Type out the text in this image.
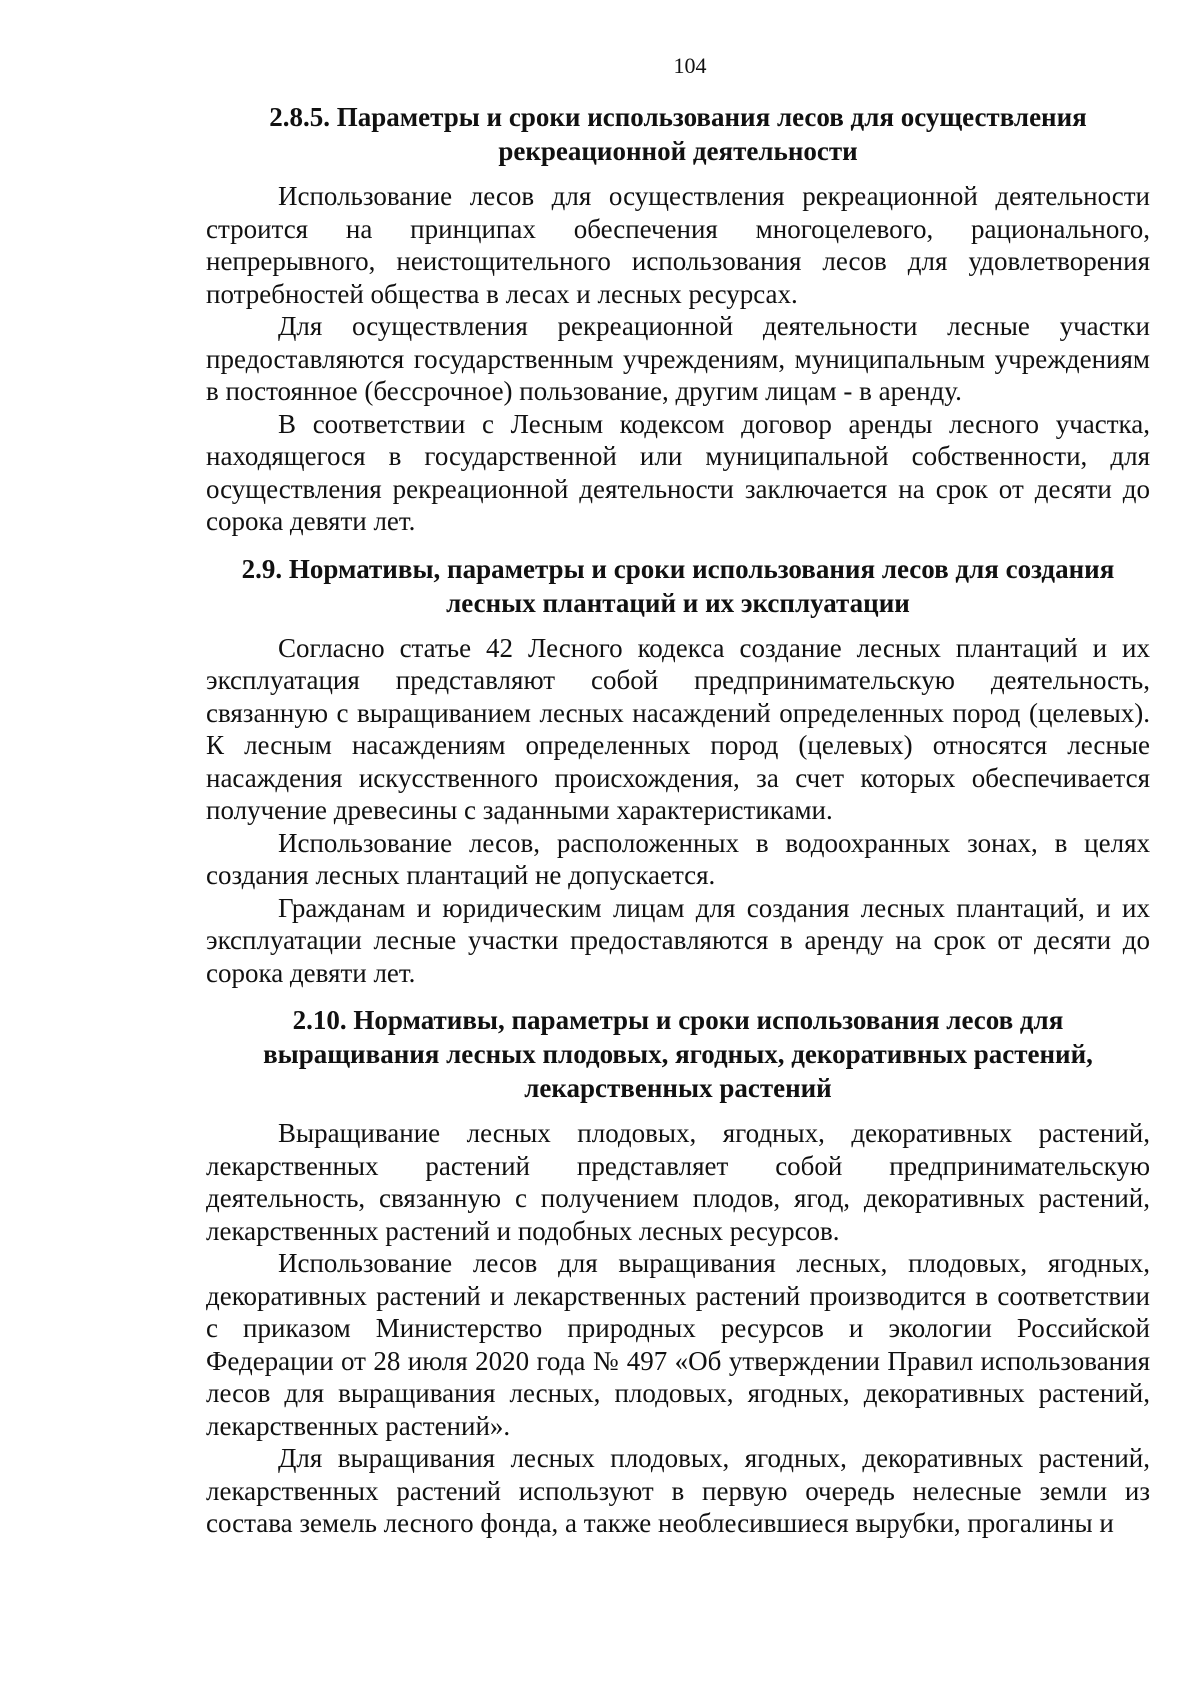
104
2.8.5. Параметры и сроки использования лесов для осуществления рекреационной деятельности

Использование лесов для осуществления рекреационной деятельности строится на принципах обеспечения многоцелевого, рационального, непрерывного, неистощительного использования лесов для удовлетворения потребностей общества в лесах и лесных ресурсах.

Для осуществления рекреационной деятельности лесные участки предоставляются государственным учреждениям, муниципальным учреждениям в постоянное (бессрочное) пользование, другим лицам - в аренду.

В соответствии с Лесным кодексом договор аренды лесного участка, находящегося в государственной или муниципальной собственности, для осуществления рекреационной деятельности заключается на срок от десяти до сорока девяти лет.

2.9. Нормативы, параметры и сроки использования лесов для создания лесных плантаций и их эксплуатации

Согласно статье 42 Лесного кодекса создание лесных плантаций и их эксплуатация представляют собой предпринимательскую деятельность, связанную с выращиванием лесных насаждений определенных пород (целевых). К лесным насаждениям определенных пород (целевых) относятся лесные насаждения искусственного происхождения, за счет которых обеспечивается получение древесины с заданными характеристиками.

Использование лесов, расположенных в водоохранных зонах, в целях создания лесных плантаций не допускается.

Гражданам и юридическим лицам для создания лесных плантаций, и их эксплуатации лесные участки предоставляются в аренду на срок от десяти до сорока девяти лет.

2.10. Нормативы, параметры и сроки использования лесов для выращивания лесных плодовых, ягодных, декоративных растений, лекарственных растений

Выращивание лесных плодовых, ягодных, декоративных растений, лекарственных растений представляет собой предпринимательскую деятельность, связанную с получением плодов, ягод, декоративных растений, лекарственных растений и подобных лесных ресурсов.

Использование лесов для выращивания лесных, плодовых, ягодных, декоративных растений и лекарственных растений производится в соответствии с приказом Министерство природных ресурсов и экологии Российской Федерации от 28 июля 2020 года № 497 «Об утверждении Правил использования лесов для выращивания лесных, плодовых, ягодных, декоративных растений, лекарственных растений».

Для выращивания лесных плодовых, ягодных, декоративных растений, лекарственных растений используют в первую очередь нелесные земли из состава земель лесного фонда, а также необлесившиеся вырубки, прогалины и
